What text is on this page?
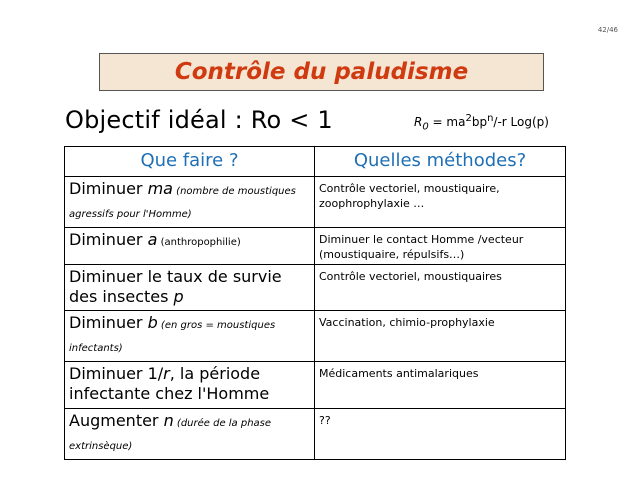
42/46
Contrôle du paludisme
Objectif idéal : Ro < 1	$R_0 = ma^2bp^n/-r$ Log(p)
Que faire ?	Quelles méthodes?
Diminuer ma (nombre de moustiques agressifs pour l'Homme)	Contrôle vectoriel, moustiquaire, zoophrophylaxie …
Diminuer a (anthropophilie)	Diminuer le contact Homme /vecteur (moustiquaire, répulsifs…)
Diminuer le taux de survie des insectes p	Contrôle vectoriel, moustiquaires
Diminuer b (en gros = moustiques infectants)	Vaccination, chimio-prophylaxie
Diminuer 1/r, la période infectante chez l'Homme	Médicaments antimalariques
Augmenter n (durée de la phase extrinsèque)	??
